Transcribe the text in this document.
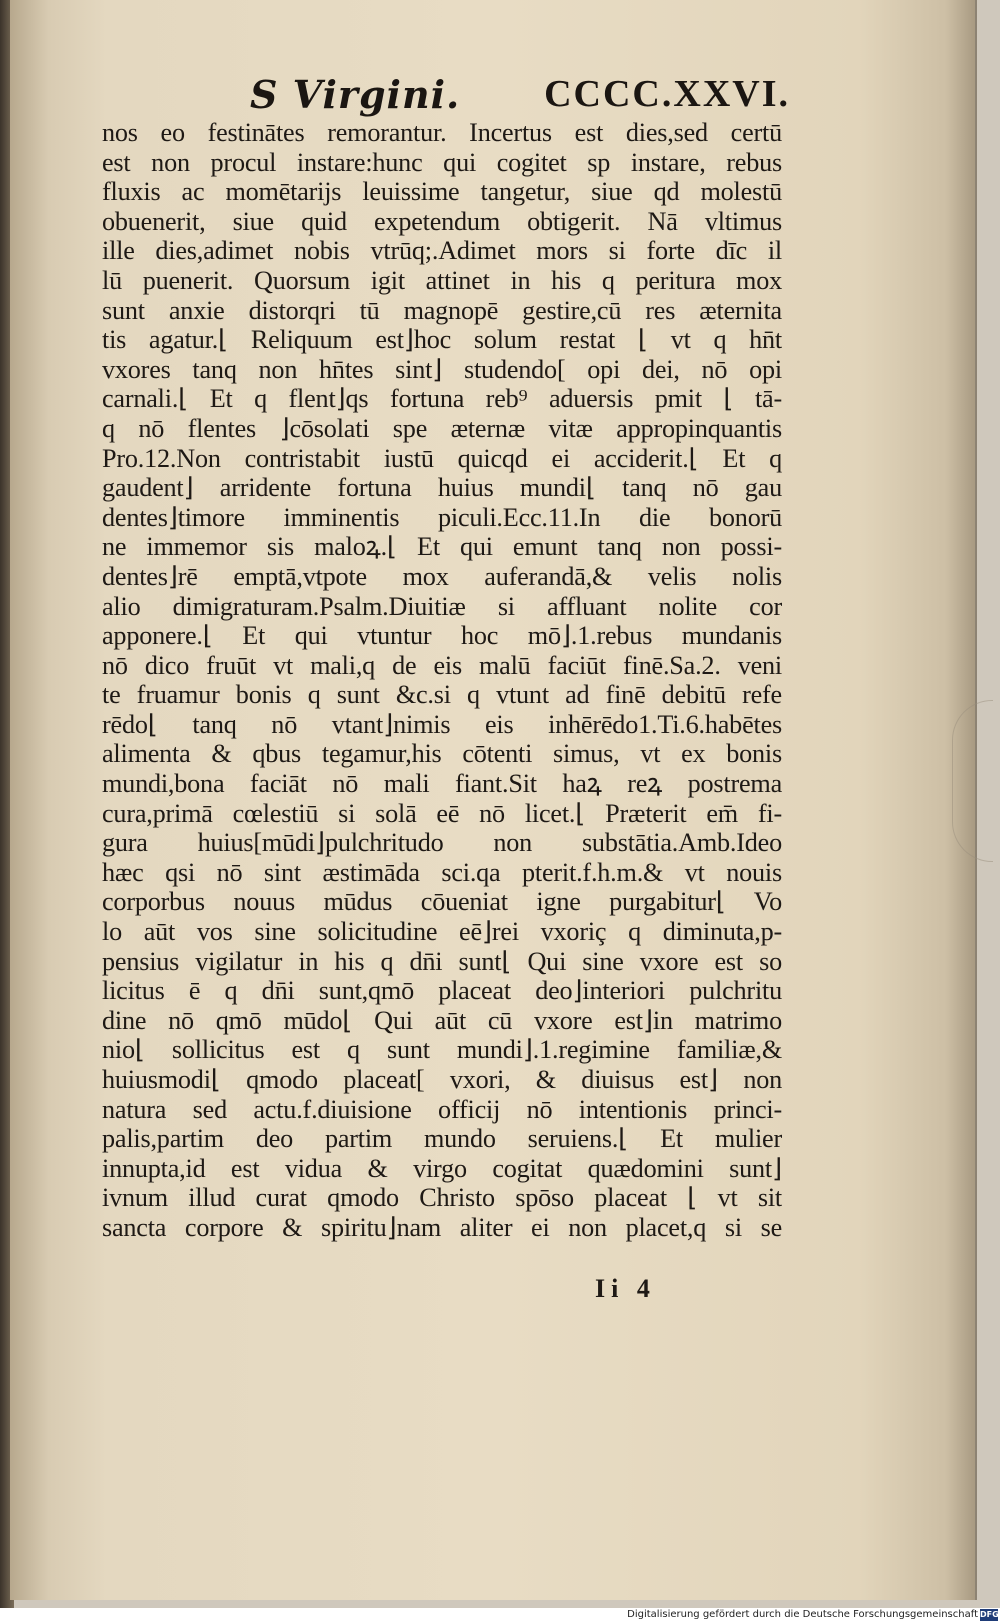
S Virgini. CCCC.XXVI.
nos eo festinātes remorantur. Incertus est dies,sed certū
est non procul instare:hunc qui cogitet sp instare, rebus
fluxis ac momētarijs leuissime tangetur, siue qd molestū
obuenerit, siue quid expetendum obtigerit. Nā vltimus
ille dies,adimet nobis vtrūq;.Adimet mors si forte dīc il
lū puenerit. Quorsum igit attinet in his q peritura mox
sunt anxie distorqri tū magnopē gestire,cū res æternita
tis agatur.⌊ Reliquum est⌋hoc solum restat ⌊ vt q hn̄t
vxores tanq non hn̄tes sint⌋ studendo[ opi dei, nō opi
carnali.⌊ Et q flent⌋qs fortuna reb⁹ aduersis pmit ⌊ tā-
q nō flentes ⌋cōsolati spe æternæ vitæ appropinquantis
Pro.12.Non contristabit iustū quicqd ei acciderit.⌊ Et q
gaudent⌋ arridente fortuna huius mundi⌊ tanq nō gau
dentes⌋timore imminentis piculi.Ecc.11.In die bonorū
ne immemor sis maloꝝ.⌊ Et qui emunt tanq non possi-
dentes⌋rē emptā,vtpote mox auferandā,& velis nolis
alio dimigraturam.Psalm.Diuitiæ si affluant nolite cor
apponere.⌊ Et qui vtuntur hoc mō⌋.1.rebus mundanis
nō dico fruūt vt mali,q de eis malū faciūt finē.Sa.2. veni
te fruamur bonis q sunt &c.si q vtunt ad finē debitū refe
rēdo⌊ tanq nō vtant⌋nimis eis inhērēdo1.Ti.6.habētes
alimenta & qbus tegamur,his cōtenti simus, vt ex bonis
mundi,bona faciāt nō mali fiant.Sit haꝝ reꝝ postrema
cura,primā cœlestiū si solā eē nō licet.⌊ Præterit em̄ fi-
gura huius[mūdi⌋pulchritudo non substātia.Amb.Ideo
hæc qsi nō sint æstimāda sci.qa pterit.f.h.m.& vt nouis
corporbus nouus mūdus cōueniat igne purgabitur⌊ Vo
lo aūt vos sine solicitudine eē⌋rei vxoriç q diminuta,p-
pensius vigilatur in his q dn̄i sunt⌊ Qui sine vxore est so
licitus ē q dn̄i sunt,qmō placeat deo⌋interiori pulchritu
dine nō qmō mūdo⌊ Qui aūt cū vxore est⌋in matrimo
nio⌊ sollicitus est q sunt mundi⌋.1.regimine familiæ,&
huiusmodi⌊ qmodo placeat[ vxori, & diuisus est⌋ non
natura sed actu.f.diuisione officij nō intentionis princi-
palis,partim deo partim mundo seruiens.⌊ Et mulier
innupta,id est vidua & virgo cogitat quædomini sunt⌋
ivnum illud curat qmodo Christo spōso placeat ⌊ vt sit
sancta corpore & spiritu⌋nam aliter ei non placet,q si se
Ii 4
Digitalisierung gefördert durch die Deutsche Forschungsgemeinschaft DFG
